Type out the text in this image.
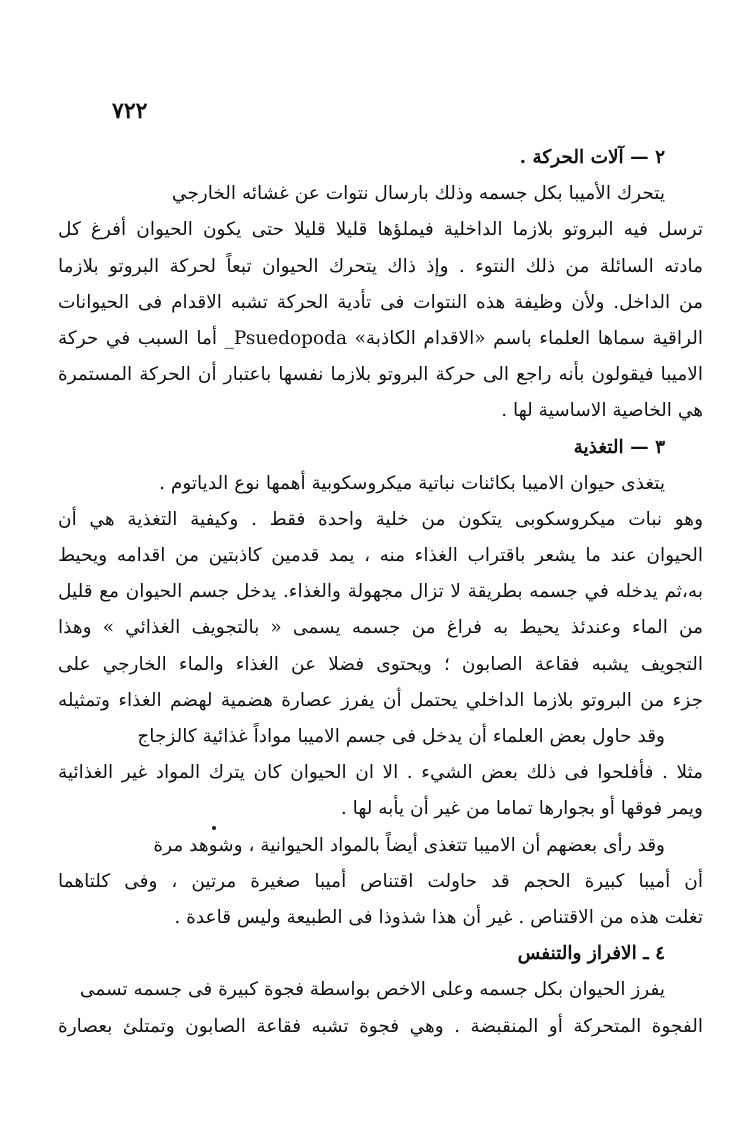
٧٢٢
٢ — آلات الحركة .
يتحرك الأميبا بكل جسمه وذلك بارسال نتوات عن غشائه الخارجي
ترسل فيه البروتو بلازما الداخلية فيملؤها قليلا قليلا حتى يكون الحيوان أفرغ كل
مادته السائلة من ذلك النتوء . وإذ ذاك يتحرك الحيوان تبعاً لحركة البروتو بلازما
من الداخل. ولأن وظيفة هذه النتوات فى تأدية الحركة تشبه الاقدام فى الحيوانات
الراقية سماها العلماء باسم «الاقدام الكاذبة» Psuedopoda_ أما السبب في حركة
الاميبا فيقولون بأنه راجع الى حركة البروتو بلازما نفسها باعتبار أن الحركة المستمرة
هي الخاصية الاساسية لها .
٣ — التغذية
يتغذى حيوان الاميبا بكائنات نباتية ميكروسكوبية أهمها نوع الدياتوم .
وهو نبات ميكروسكوبى يتكون من خلية واحدة فقط . وكيفية التغذية هي أن
الحيوان عند ما يشعر باقتراب الغذاء منه ، يمد قدمين كاذبتين من اقدامه ويحيط
به،ثم يدخله في جسمه بطريقة لا تزال مجهولة والغذاء. يدخل جسم الحيوان مع قليل
من الماء وعندئذ يحيط به فراغ من جسمه يسمى « بالتجويف الغذائي » وهذا
التجويف يشبه فقاعة الصابون ؛ ويحتوى فضلا عن الغذاء والماء الخارجي على
جزء من البروتو بلازما الداخلي يحتمل أن يفرز عصارة هضمية لهضم الغذاء وتمثيله
وقد حاول بعض العلماء أن يدخل فى جسم الاميبا مواداً غذائية كالزجاج
مثلا . فأفلحوا فى ذلك بعض الشيء . الا ان الحيوان كان يترك المواد غير الغذائية
ويمر فوقها أو بجوارها تماما من غير أن يأبه لها .
وقد رأى بعضهم أن الاميبا تتغذى أيضاً بالمواد الحيوانية ، وشوهد مرة
أن أميبا كبيرة الحجم قد حاولت اقتناص أميبا صغيرة مرتين ، وفى كلتاهما
تغلت هذه من الاقتناص . غير أن هذا شذوذا فى الطبيعة وليس قاعدة .
٤ ـ الافراز والتنفس
يفرز الحيوان بكل جسمه وعلى الاخص بواسطة فجوة كبيرة فى جسمه تسمى
الفجوة المتحركة أو المنقبضة . وهي فجوة تشبه فقاعة الصابون وتمتلئ بعصارة
